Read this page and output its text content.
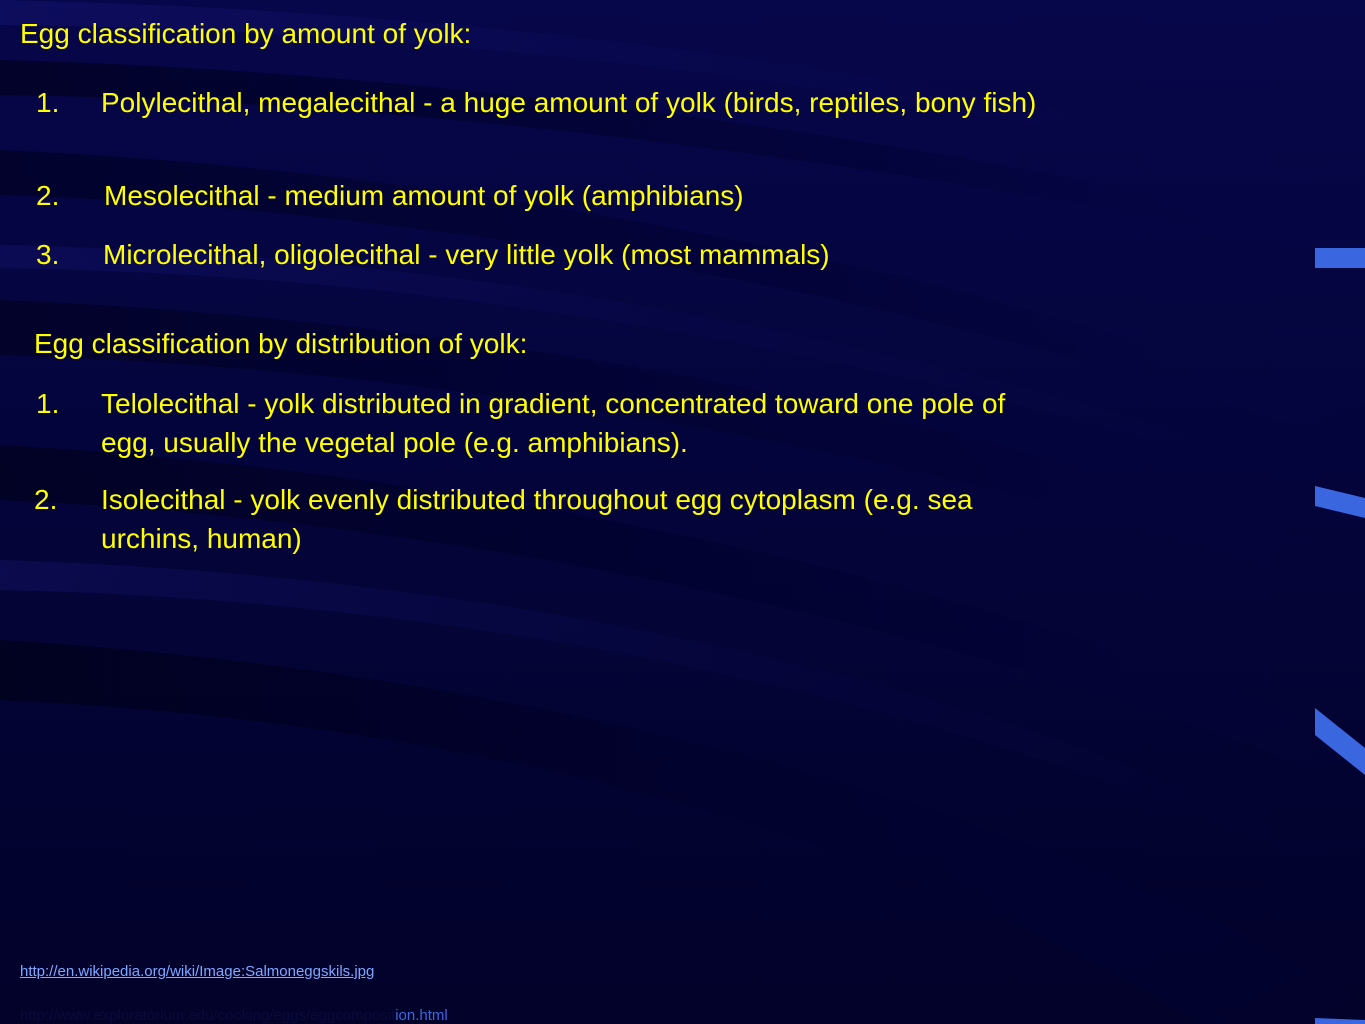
Egg classification by amount of yolk:
1.	Polylecithal, megalecithal - a huge amount of yolk (birds, reptiles, bony fish)
2.	Mesolecithal - medium amount of yolk (amphibians)
3.	Microlecithal, oligolecithal - very little yolk (most mammals)
Egg classification by distribution of yolk:
1.	Telolecithal - yolk distributed in gradient, concentrated toward one pole of egg, usually the vegetal pole (e.g. amphibians).
2.	Isolecithal - yolk evenly distributed throughout egg cytoplasm (e.g. sea urchins, human)
http://en.wikipedia.org/wiki/Image:Salmoneggskils.jpg
http://www.exploratorium.edu/cooking/eggs/eggcomposition.html
